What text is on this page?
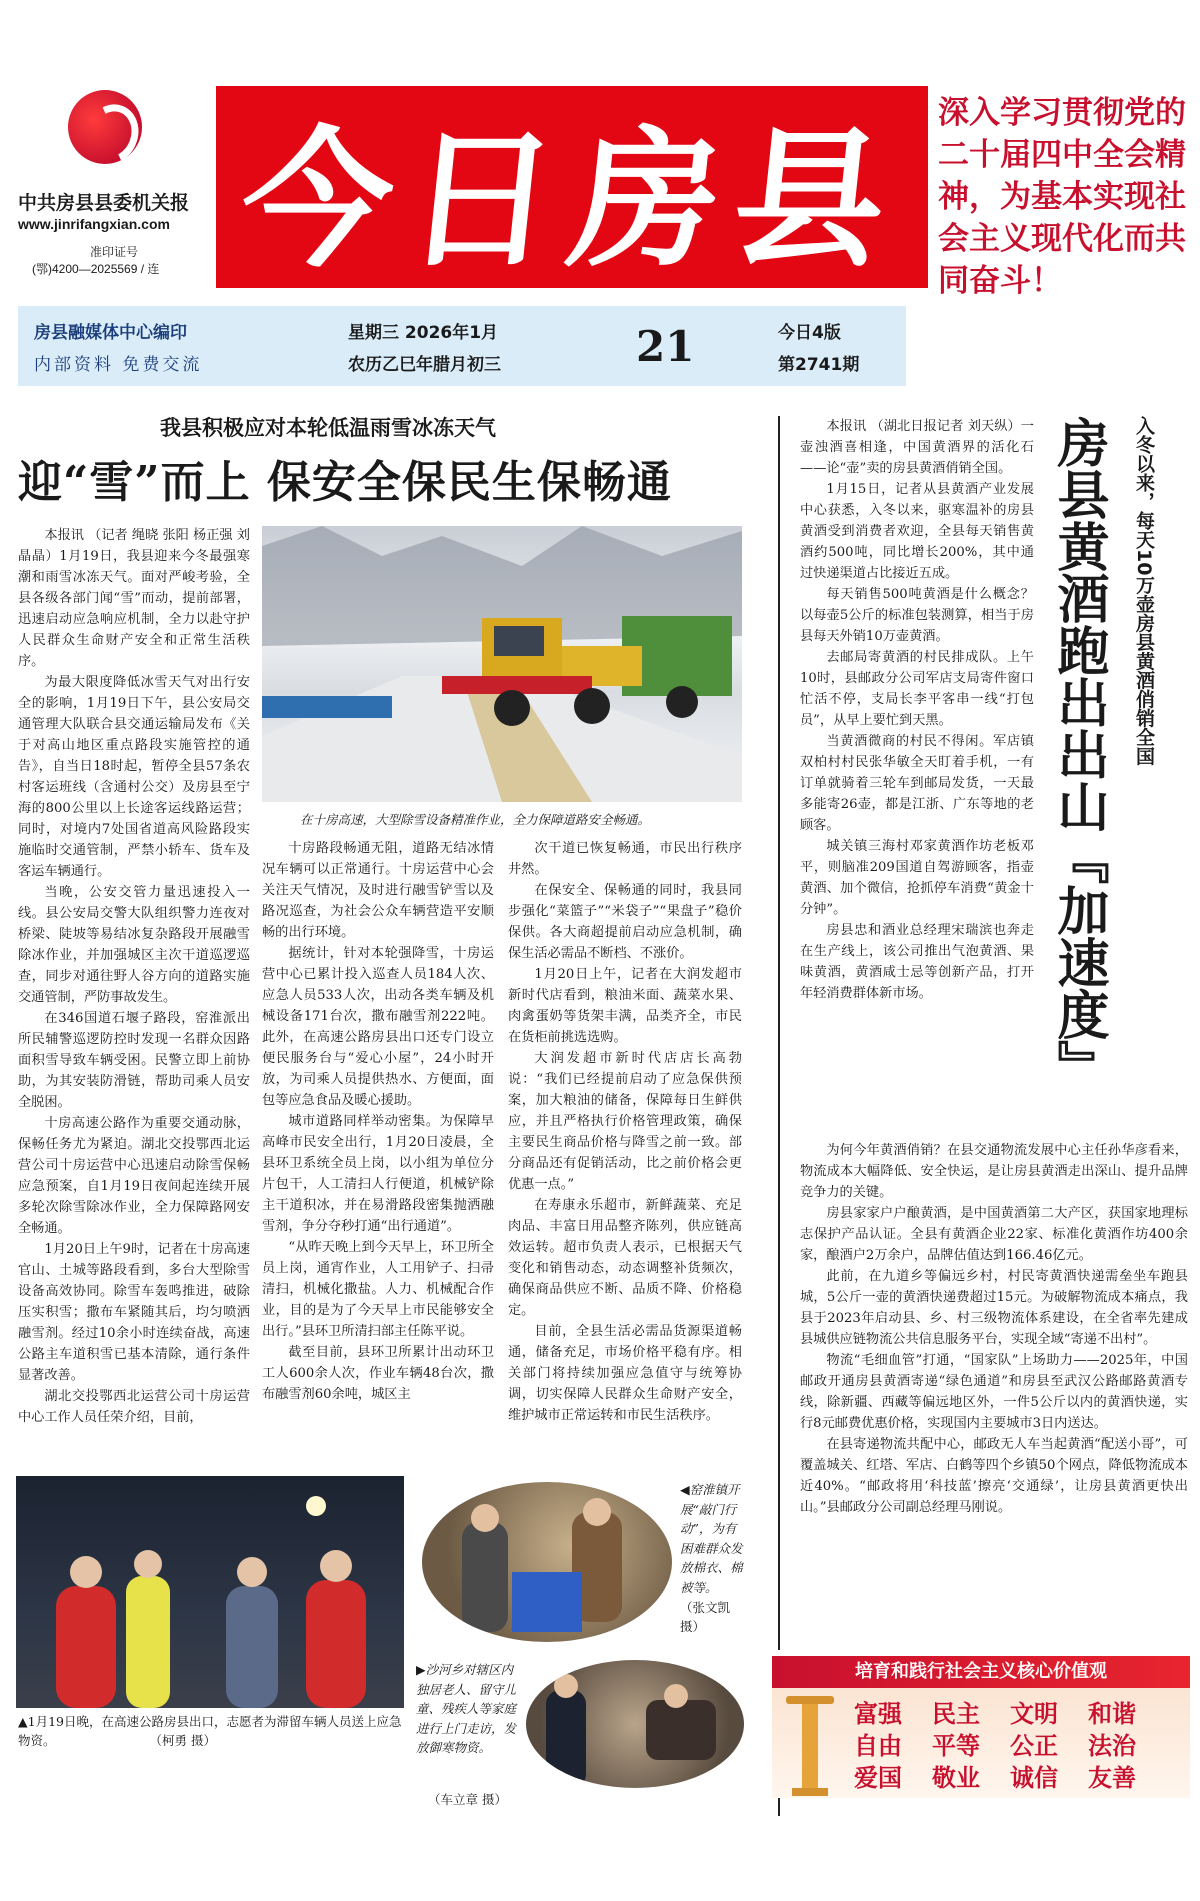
中共房县县委机关报
www.jinrifangxian.com
准印证号
(鄂)4200—2025569 / 连 今日房县 深入学习贯彻党的二十届四中全会精神，为基本实现社会主义现代化而共同奋斗！
房县融媒体中心编印
内部资料 免费交流
星期三 2026年1月
农历乙巳年腊月初三	21	今日4版
第2741期
我县积极应对本轮低温雨雪冰冻天气
迎“雪”而上 保安全保民生保畅通

本报讯 （记者 绳晓 张阳 杨正强 刘晶晶）1月19日，我县迎来今冬最强寒潮和雨雪冰冻天气。面对严峻考验，全县各级各部门闻“雪”而动，提前部署，迅速启动应急响应机制，全力以赴守护人民群众生命财产安全和正常生活秩序。

为最大限度降低冰雪天气对出行安全的影响，1月19日下午，县公安局交通管理大队联合县交通运输局发布《关于对高山地区重点路段实施管控的通告》，自当日18时起，暂停全县57条农村客运班线（含通村公交）及房县至宁海的800公里以上长途客运线路运营；同时，对境内7处国省道高风险路段实施临时交通管制，严禁小轿车、货车及客运车辆通行。

当晚，公安交管力量迅速投入一线。县公安局交警大队组织警力连夜对桥梁、陡坡等易结冰复杂路段开展融雪除冰作业，并加强城区主次干道巡逻巡查，同步对通往野人谷方向的道路实施交通管制，严防事故发生。

在346国道石堰子路段，窑淮派出所民辅警巡逻防控时发现一名群众因路面积雪导致车辆受困。民警立即上前协助，为其安装防滑链，帮助司乘人员安全脱困。

十房高速公路作为重要交通动脉，保畅任务尤为紧迫。湖北交投鄂西北运营公司十房运营中心迅速启动除雪保畅应急预案，自1月19日夜间起连续开展多轮次除雪除冰作业，全力保障路网安全畅通。

1月20日上午9时，记者在十房高速官山、土城等路段看到，多台大型除雪设备高效协同。除雪车轰鸣推进，破除压实积雪；撒布车紧随其后，均匀喷洒融雪剂。经过10余小时连续奋战，高速公路主车道积雪已基本清除，通行条件显著改善。

湖北交投鄂西北运营公司十房运营中心工作人员任荣介绍，目前，

在十房高速，大型除雪设备精准作业，全力保障道路安全畅通。

十房路段畅通无阻，道路无结冰情况车辆可以正常通行。十房运营中心会关注天气情况，及时进行融雪铲雪以及路况巡查，为社会公众车辆营造平安顺畅的出行环境。

据统计，针对本轮强降雪，十房运营中心已累计投入巡查人员184人次、应急人员533人次，出动各类车辆及机械设备171台次，撒布融雪剂222吨。此外，在高速公路房县出口还专门设立便民服务台与“爱心小屋”，24小时开放，为司乘人员提供热水、方便面，面包等应急食品及暖心援助。

城市道路同样举动密集。为保障早高峰市民安全出行，1月20日凌晨，全县环卫系统全员上岗，以小组为单位分片包干，人工清扫人行便道，机械铲除主干道积冰，并在易滑路段密集抛洒融雪剂，争分夺秒打通“出行通道”。

“从昨天晚上到今天早上，环卫所全员上岗，通宵作业，人工用铲子、扫帚清扫，机械化撒盐。人力、机械配合作业，目的是为了今天早上市民能够安全出行。”县环卫所清扫部主任陈平说。

截至目前，县环卫所累计出动环卫工人600余人次，作业车辆48台次，撒布融雪剂60余吨，城区主

次干道已恢复畅通，市民出行秩序井然。

在保安全、保畅通的同时，我县同步强化“菜篮子”“米袋子”“果盘子”稳价保供。各大商超提前启动应急机制，确保生活必需品不断档、不涨价。

1月20日上午，记者在大润发超市新时代店看到，粮油米面、蔬菜水果、肉禽蛋奶等货架丰满，品类齐全，市民在货柜前挑选选购。

大润发超市新时代店店长高勃说：“我们已经提前启动了应急保供预案，加大粮油的储备，保障每日生鲜供应，并且严格执行价格管理政策，确保主要民生商品价格与降雪之前一致。部分商品还有促销活动，比之前价格会更优惠一点。”

在寿康永乐超市，新鲜蔬菜、充足肉品、丰富日用品整齐陈列，供应链高效运转。超市负责人表示，已根据天气变化和销售动态，动态调整补货频次，确保商品供应不断、品质不降、价格稳定。

目前，全县生活必需品货源渠道畅通，储备充足，市场价格平稳有序。相关部门将持续加强应急值守与统筹协调，切实保障人民群众生命财产安全，维护城市正常运转和市民生活秩序。

▲1月19日晚，在高速公路房县出口，志愿者为滞留车辆人员送上应急物资。	（柯勇 摄）
◀窑淮镇开展“敲门行动”，为有困难群众发放棉衣、棉被等。 （张文凯 摄）
▶沙河乡对辖区内独居老人、留守儿童、残疾人等家庭进行上门走访，发放御寒物资。
（车立章 摄）
房县黄酒跑出出山『加速度』	入冬以来，每天10万壶房县黄酒俏销全国

本报讯 （湖北日报记者 刘天纵）一壶浊酒喜相逢，中国黄酒界的活化石——论“壶”卖的房县黄酒俏销全国。

1月15日，记者从县黄酒产业发展中心获悉，入冬以来，驱寒温补的房县黄酒受到消费者欢迎，全县每天销售黄酒约500吨，同比增长200%，其中通过快递渠道占比接近五成。

每天销售500吨黄酒是什么概念？以每壶5公斤的标准包装测算，相当于房县每天外销10万壶黄酒。

去邮局寄黄酒的村民排成队。上午10时，县邮政分公司军店支局寄件窗口忙活不停，支局长李平客串一线“打包员”，从早上要忙到天黑。

当黄酒微商的村民不得闲。军店镇双柏村村民张华敏全天盯着手机，一有订单就骑着三轮车到邮局发货，一天最多能寄26壶，都是江浙、广东等地的老顾客。

城关镇三海村邓家黄酒作坊老板邓平，则脑准209国道自驾游顾客，指壶黄酒、加个微信，抢抓停车消费“黄金十分钟”。

房县忠和酒业总经理宋瑞滨也奔走在生产线上，该公司推出气泡黄酒、果味黄酒，黄酒咸士忌等创新产品，打开年轻消费群体新市场。

为何今年黄酒俏销？在县交通物流发展中心主任孙华彦看来，物流成本大幅降低、安全快运，是让房县黄酒走出深山、提升品牌竞争力的关键。

房县家家户户酿黄酒，是中国黄酒第二大产区，获国家地理标志保护产品认证。全县有黄酒企业22家、标准化黄酒作坊400余家，酿酒户2万余户，品牌估值达到166.46亿元。

此前，在九道乡等偏远乡村，村民寄黄酒快递需垒坐车跑县城，5公斤一壶的黄酒快递费超过15元。为破解物流成本痛点，我县于2023年启动县、乡、村三级物流体系建设，在全省率先建成县城供应链物流公共信息服务平台，实现全域“寄递不出村”。

物流“毛细血管”打通，“国家队”上场助力——2025年，中国邮政开通房县黄酒寄递“绿色通道”和房县至武汉公路邮路黄酒专线，除新疆、西藏等偏远地区外，一件5公斤以内的黄酒快递，实行8元邮费优惠价格，实现国内主要城市3日内送达。

在县寄递物流共配中心，邮政无人车当起黄酒“配送小哥”，可覆盖城关、红塔、军店、白鹤等四个乡镇50个网点，降低物流成本近40%。“邮政将用‘科技蓝’擦亮‘交通绿’，让房县黄酒更快出山。”县邮政分公司副总经理马刚说。

培育和践行社会主义核心价值观
富强 民主 文明 和谐
自由 平等 公正 法治
爱国 敬业 诚信 友善
